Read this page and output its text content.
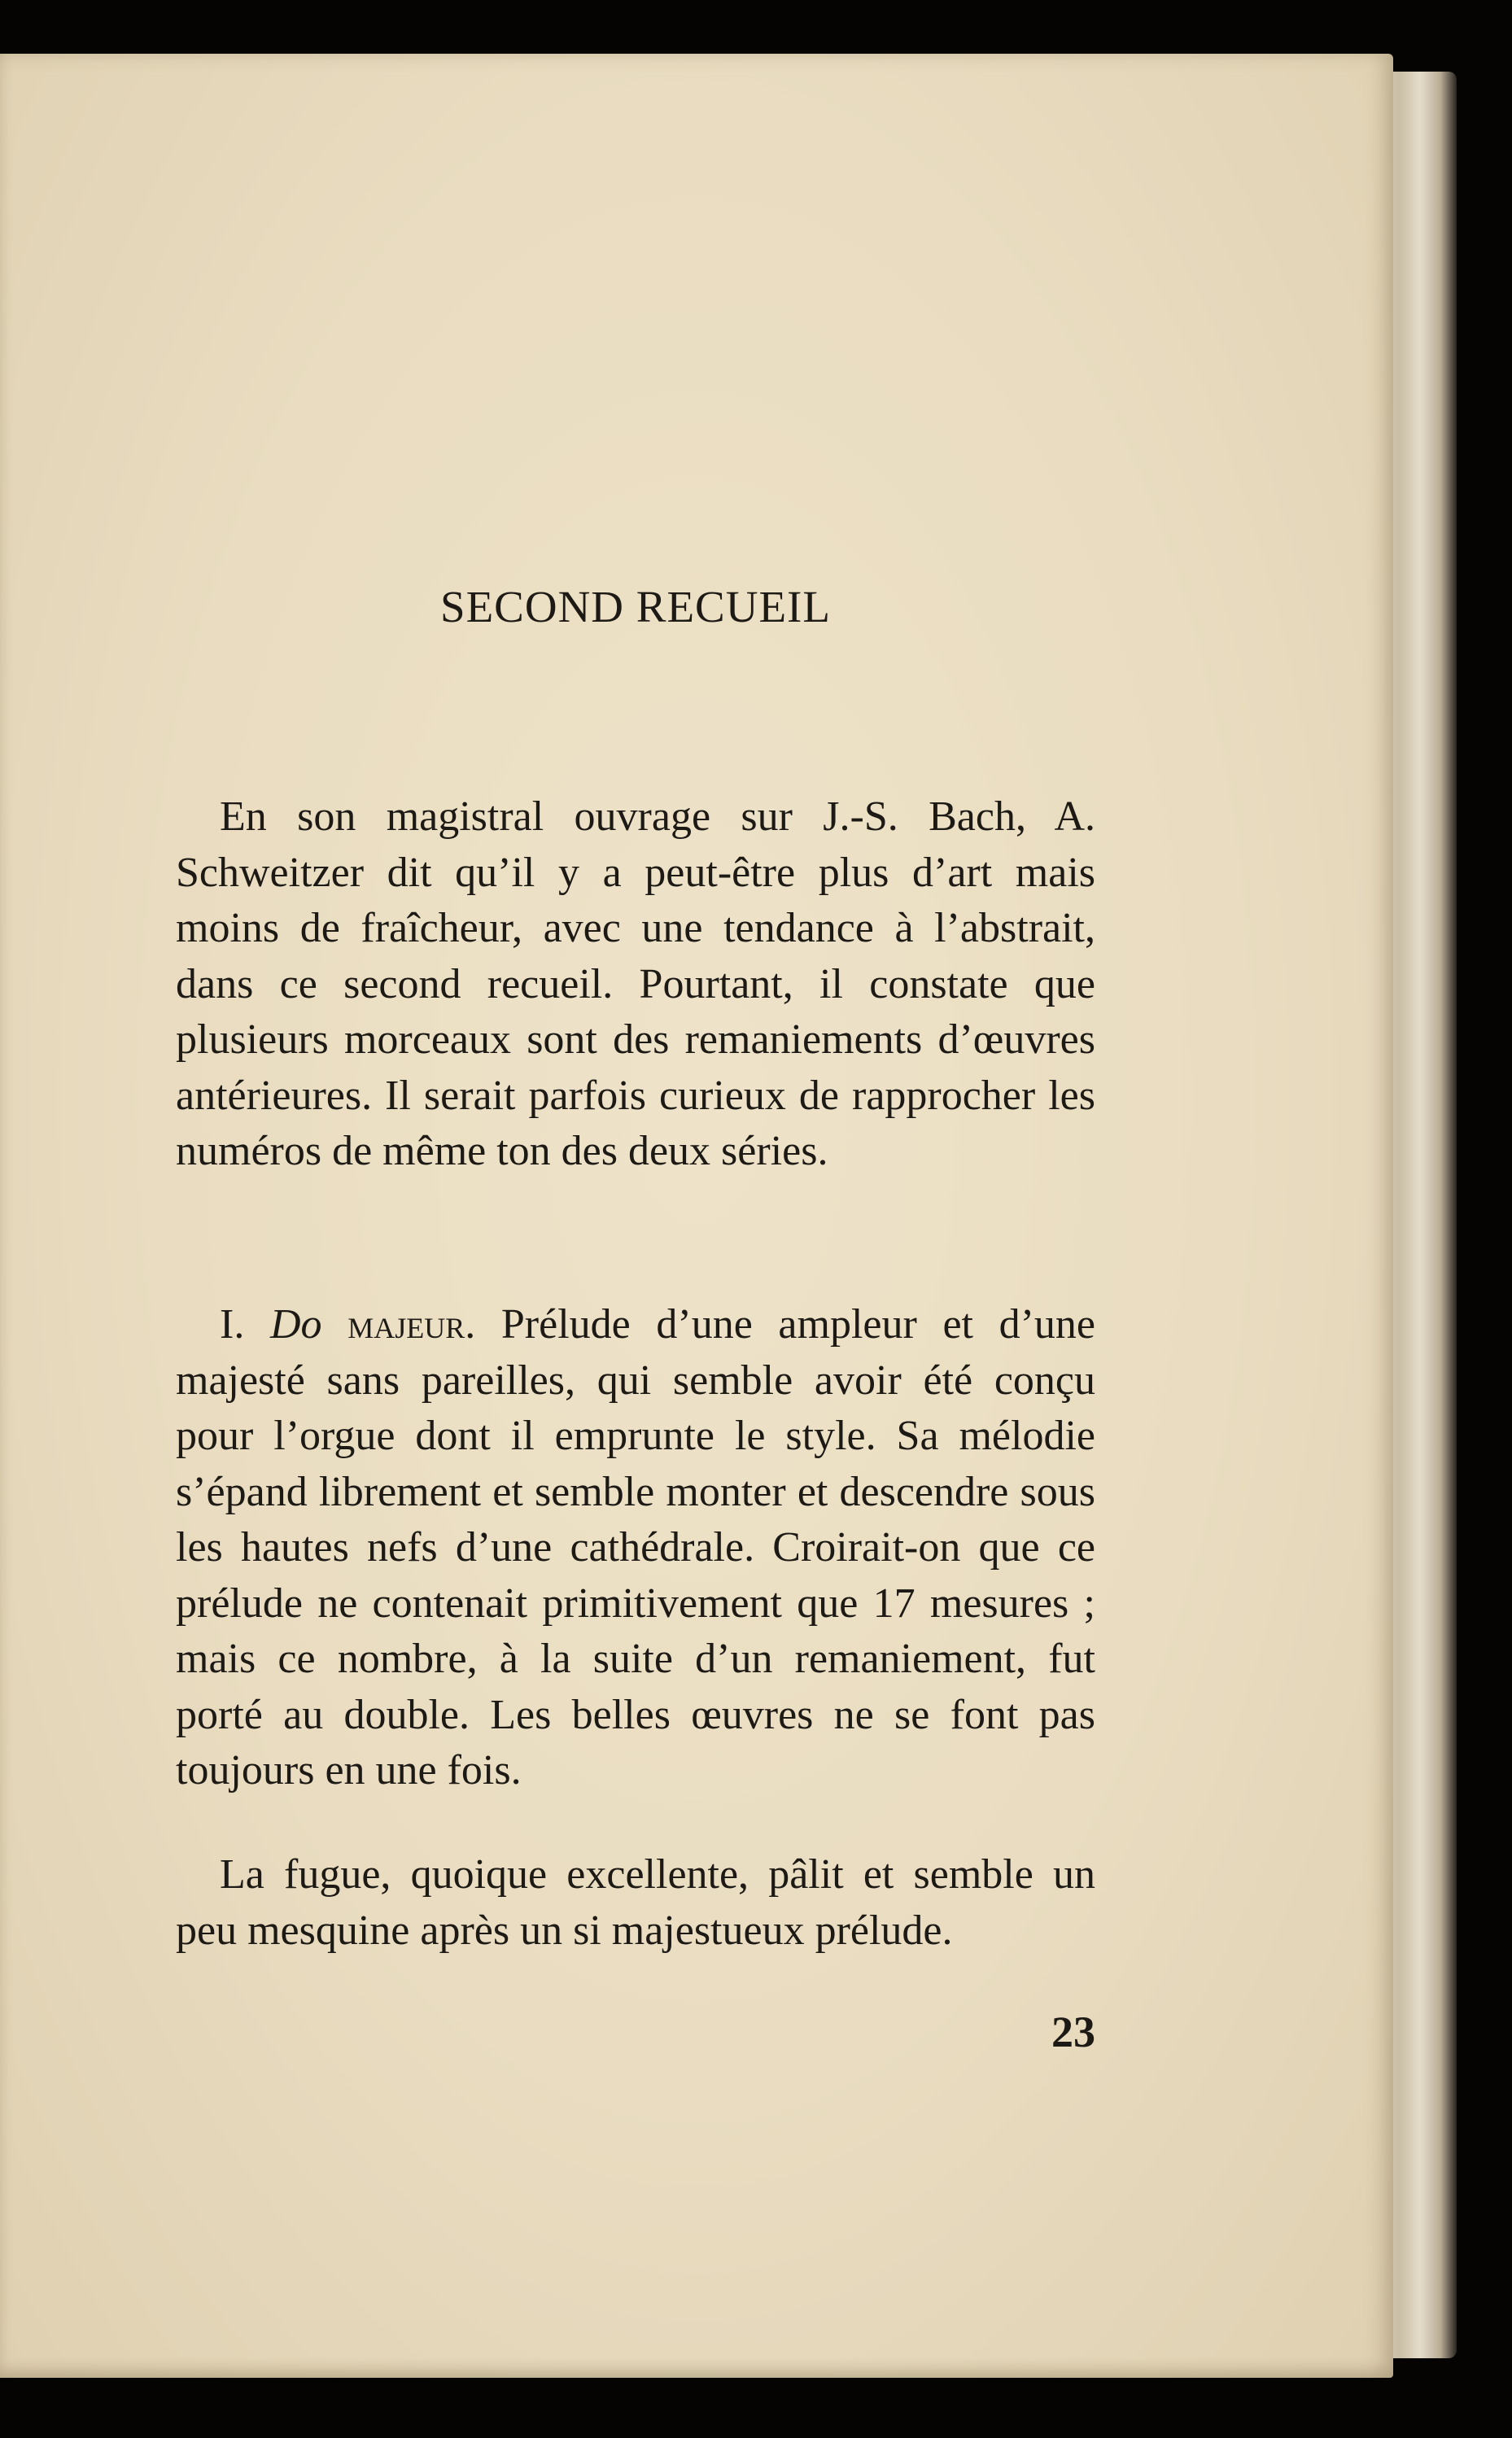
SECOND RECUEIL

En son magistral ouvrage sur J.-S. Bach, A. Schweitzer dit qu’il y a peut-être plus d’art mais moins de fraîcheur, avec une tendance à l’abstrait, dans ce second recueil. Pourtant, il constate que plusieurs morceaux sont des remaniements d’œuvres antérieures. Il serait parfois curieux de rapprocher les numéros de même ton des deux séries.

I. Do majeur. Prélude d’une ampleur et d’une majesté sans pareilles, qui semble avoir été conçu pour l’orgue dont il emprunte le style. Sa mélodie s’épand librement et semble monter et descendre sous les hautes nefs d’une cathédrale. Croirait-on que ce prélude ne contenait primitivement que 17 mesures ; mais ce nombre, à la suite d’un remaniement, fut porté au double. Les belles œuvres ne se font pas toujours en une fois.

La fugue, quoique excellente, pâlit et semble un peu mesquine après un si majestueux prélude.

23
